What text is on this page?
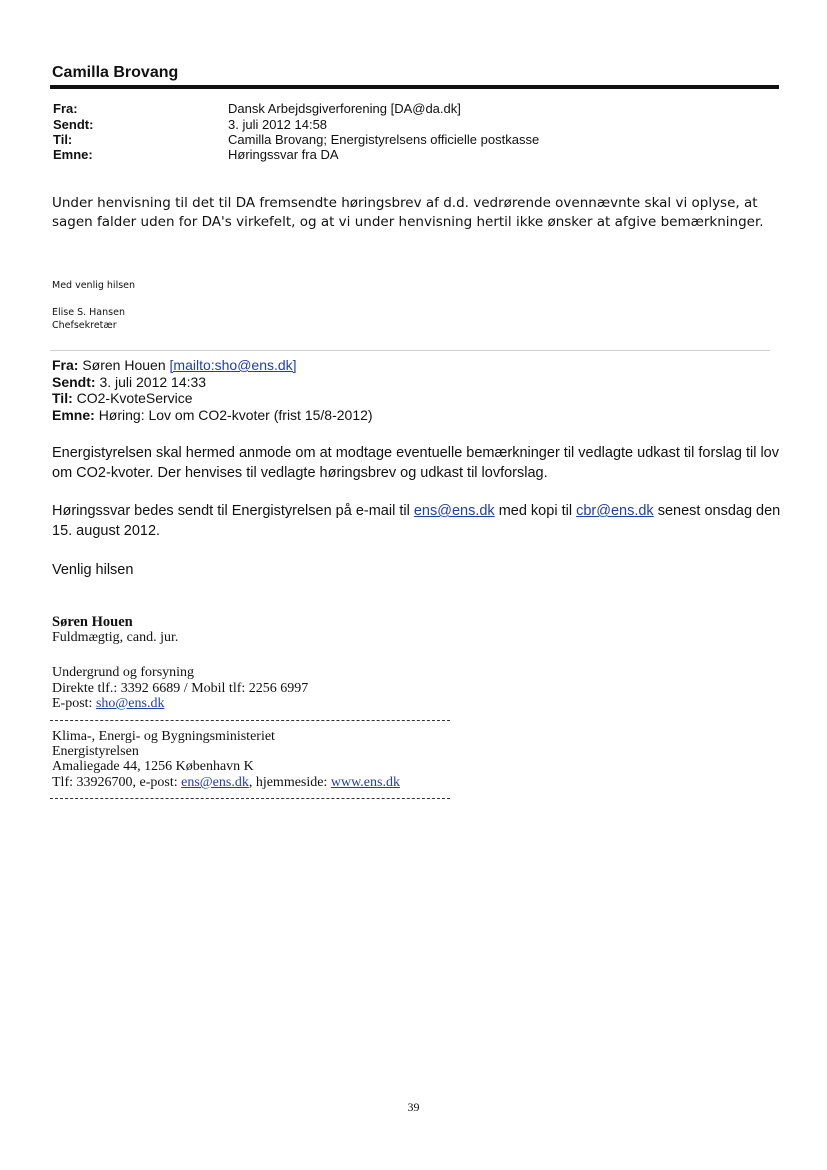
Camilla Brovang
Fra:	Dansk Arbejdsgiverforening [DA@da.dk]
Sendt:	3. juli 2012 14:58
Til:	Camilla Brovang; Energistyrelsens officielle postkasse
Emne:	Høringssvar fra DA
Under henvisning til det til DA fremsendte høringsbrev af d.d. vedrørende ovennævnte skal vi oplyse, at sagen falder uden for DA's virkefelt, og at vi under henvisning hertil ikke ønsker at afgive bemærkninger.
Med venlig hilsen
Elise S. Hansen
Chefsekretær
Fra: Søren Houen [mailto:sho@ens.dk]
Sendt: 3. juli 2012 14:33
Til: CO2-KvoteService
Emne: Høring: Lov om CO2-kvoter (frist 15/8-2012)
Energistyrelsen skal hermed anmode om at modtage eventuelle bemærkninger til vedlagte udkast til forslag til lov om CO2-kvoter. Der henvises til vedlagte høringsbrev og udkast til lovforslag.
Høringssvar bedes sendt til Energistyrelsen på e-mail til ens@ens.dk med kopi til cbr@ens.dk senest onsdag den 15. august 2012.
Venlig hilsen
Søren Houen
Fuldmægtig, cand. jur.
Undergrund og forsyning
Direkte tlf.: 3392 6689 / Mobil tlf: 2256 6997
E-post: sho@ens.dk
Klima-, Energi- og Bygningsministeriet
Energistyrelsen
Amaliegade 44, 1256 København K
Tlf: 33926700, e-post: ens@ens.dk, hjemmeside: www.ens.dk
39
